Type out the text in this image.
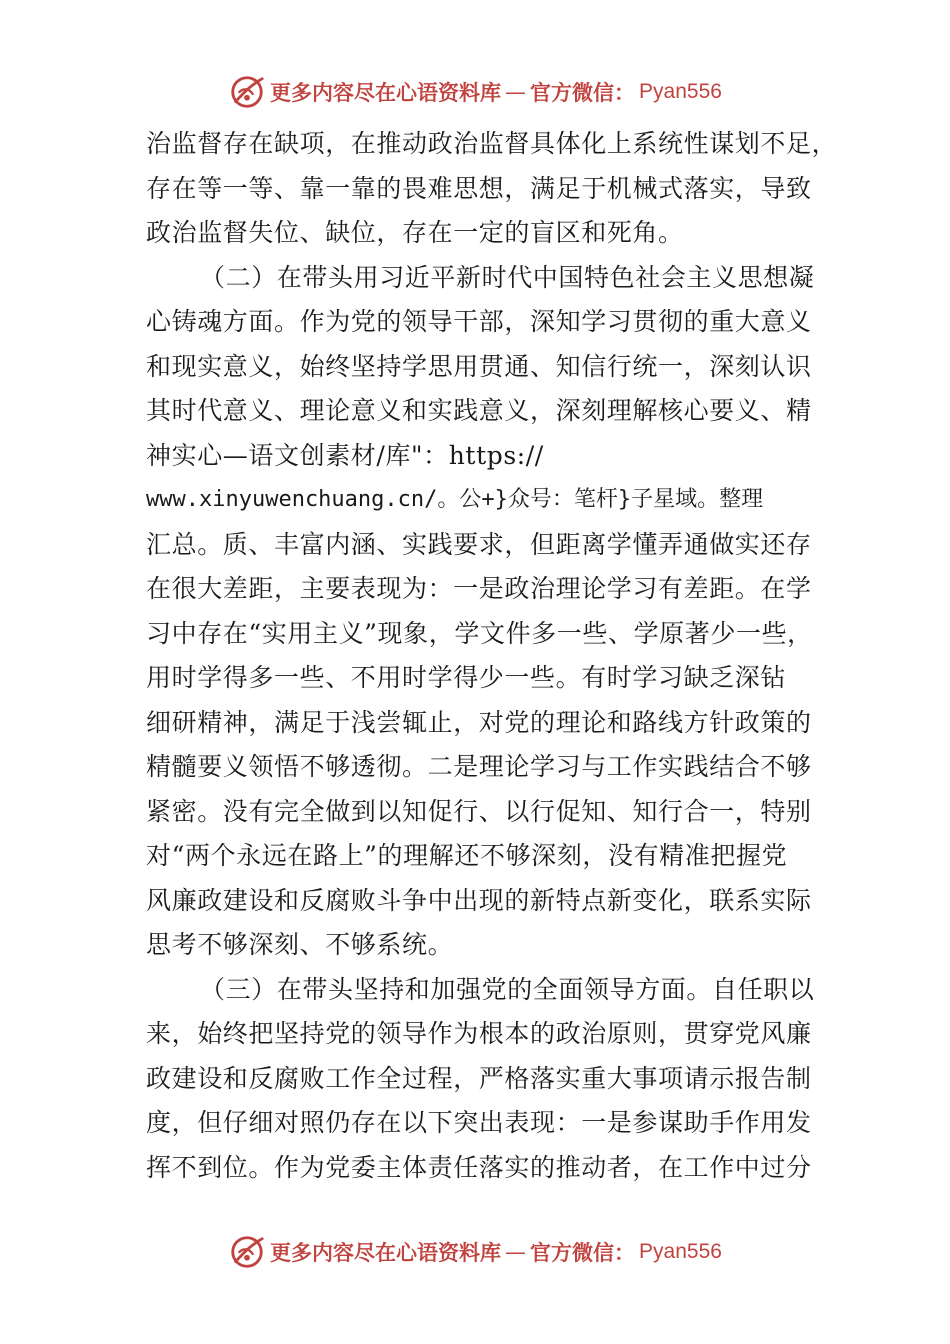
更多内容尽在心语资料库 — 官方微信： Pyan556
治监督存在缺项，在推动政治监督具体化上系统性谋划不足，
存在等一等、靠一靠的畏难思想，满足于机械式落实，导致
政治监督失位、缺位，存在一定的盲区和死角。
（二）在带头用习近平新时代中国特色社会主义思想凝
心铸魂方面。作为党的领导干部，深知学习贯彻的重大意义
和现实意义，始终坚持学思用贯通、知信行统一，深刻认识
其时代意义、理论意义和实践意义，深刻理解核心要义、精
神实心—语文创素材/库"：https://
www.xinyuwenchuang.cn/。公+}众号：笔杆}子星域。整理
汇总。质、丰富内涵、实践要求，但距离学懂弄通做实还存
在很大差距，主要表现为：一是政治理论学习有差距。在学
习中存在“实用主义”现象，学文件多一些、学原著少一些，
用时学得多一些、不用时学得少一些。有时学习缺乏深钻
细研精神，满足于浅尝辄止，对党的理论和路线方针政策的
精髓要义领悟不够透彻。二是理论学习与工作实践结合不够
紧密。没有完全做到以知促行、以行促知、知行合一，特别
对“两个永远在路上”的理解还不够深刻，没有精准把握党
风廉政建设和反腐败斗争中出现的新特点新变化，联系实际
思考不够深刻、不够系统。
（三）在带头坚持和加强党的全面领导方面。自任职以
来，始终把坚持党的领导作为根本的政治原则，贯穿党风廉
政建设和反腐败工作全过程，严格落实重大事项请示报告制
度，但仔细对照仍存在以下突出表现：一是参谋助手作用发
挥不到位。作为党委主体责任落实的推动者，在工作中过分
更多内容尽在心语资料库 — 官方微信： Pyan556
